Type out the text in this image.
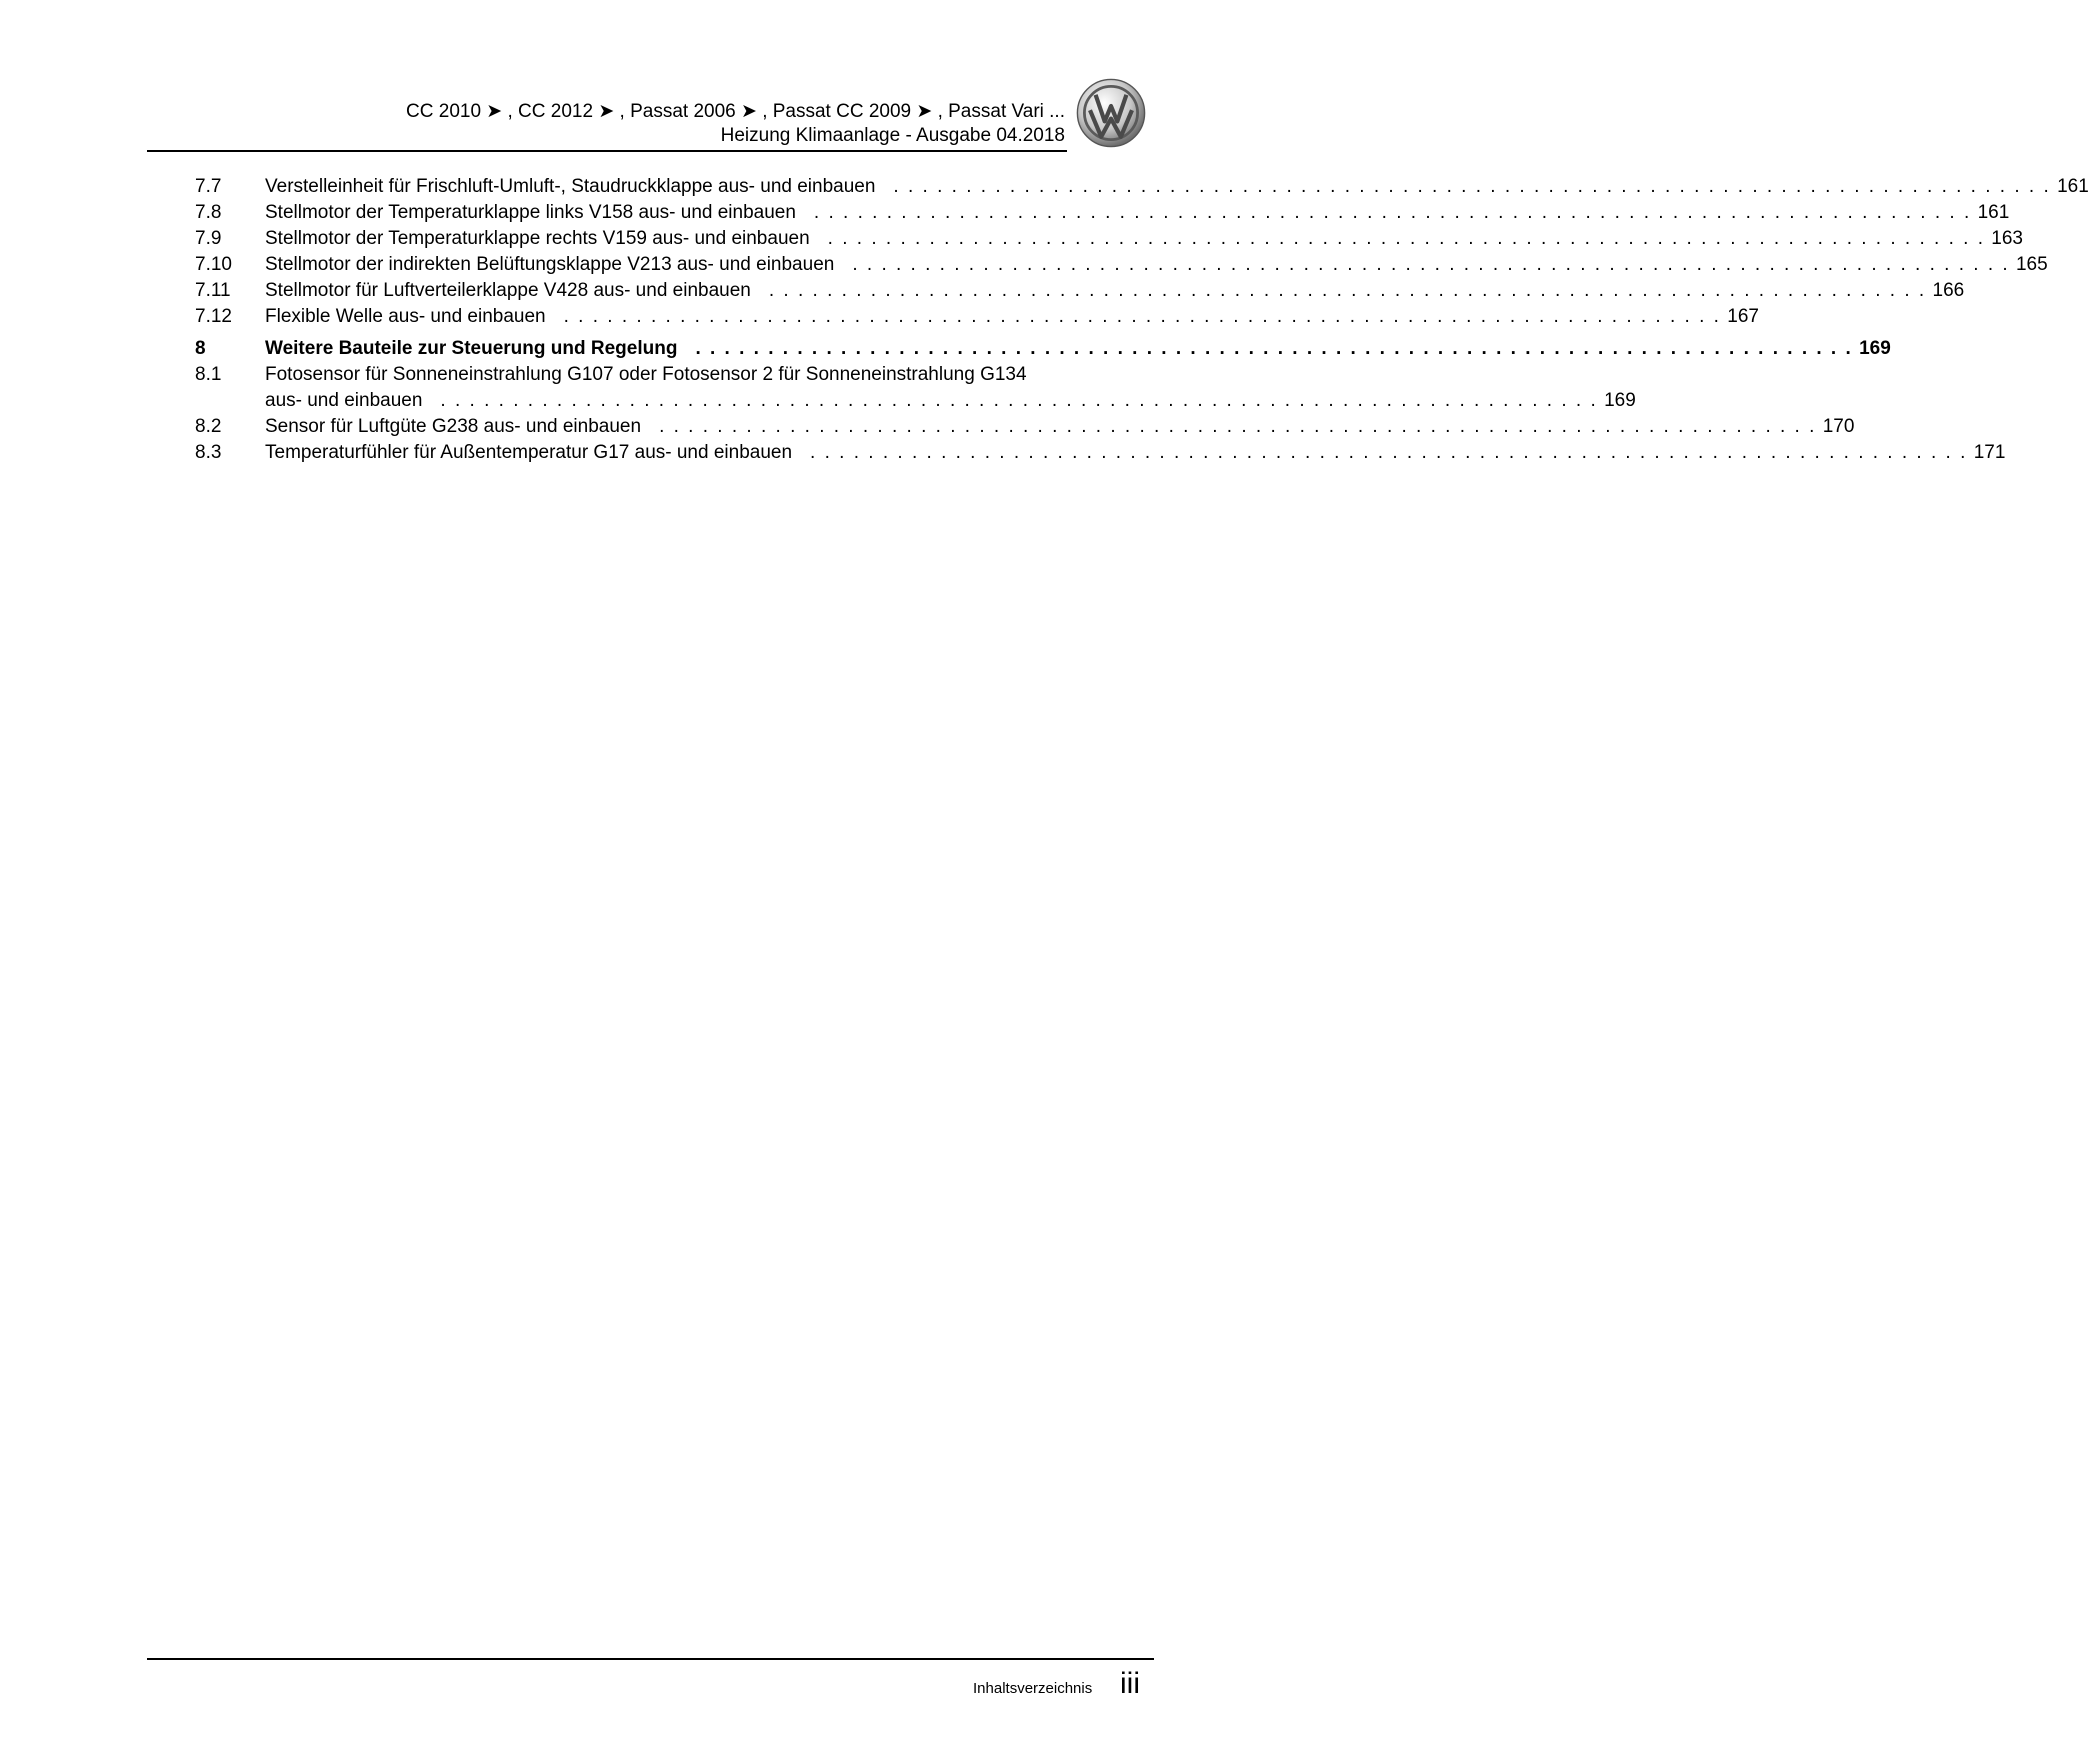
CC 2010 ➤ , CC 2012 ➤ , Passat 2006 ➤ , Passat CC 2009 ➤ , Passat Vari ...
Heizung Klimaanlage - Ausgabe 04.2018
7.7	Verstelleinheit für Frischluft-Umluft-, Staudruckklappe aus- und einbauen . . .	161
7.8	Stellmotor der Temperaturklappe links V158 aus- und einbauen . . .	161
7.9	Stellmotor der Temperaturklappe rechts V159 aus- und einbauen . . .	163
7.10	Stellmotor der indirekten Belüftungsklappe V213 aus- und einbauen . . .	165
7.11	Stellmotor für Luftverteilerklappe V428 aus- und einbauen . . .	166
7.12	Flexible Welle aus- und einbauen . . .	167
8	Weitere Bauteile zur Steuerung und Regelung . . .	169
8.1	Fotosensor für Sonneneinstrahlung G107 oder Fotosensor 2 für Sonneneinstrahlung G134
aus- und einbauen . . .	169
8.2	Sensor für Luftgüte G238 aus- und einbauen . . .	170
8.3	Temperaturfühler für Außentemperatur G17 aus- und einbauen . . .	171
Inhaltsverzeichnis iii
